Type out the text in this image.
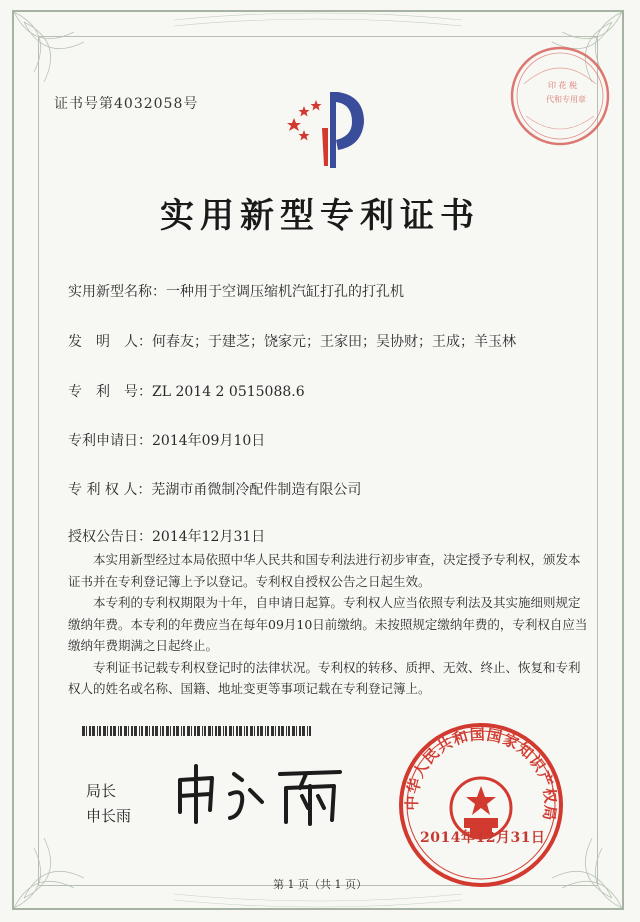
证书号第4032058号
印 花 税
代和专用章
实用新型专利证书
实用新型名称：一种用于空调压缩机汽缸打孔的打孔机
发　明　人：何春友；于建芝；饶家元；王家田；吴协财；王成；羊玉林
专　利　号：ZL 2014 2 0515088.6
专利申请日：2014年09月10日
专 利 权 人：芜湖市甬微制冷配件制造有限公司
授权公告日：2014年12月31日

　　本实用新型经过本局依照中华人民共和国专利法进行初步审查，决定授予专利权，颁发本证书并在专利登记簿上予以登记。专利权自授权公告之日起生效。

　　本专利的专利权期限为十年，自申请日起算。专利权人应当依照专利法及其实施细则规定缴纳年费。本专利的年费应当在每年09月10日前缴纳。未按照规定缴纳年费的，专利权自应当缴纳年费期满之日起终止。

　　专利证书记载专利权登记时的法律状况。专利权的转移、质押、无效、终止、恢复和专利权人的姓名或名称、国籍、地址变更等事项记载在专利登记簿上。

局长
申长雨
中华人民共和国国家知识产权局
2014年12月31日
第 1 页（共 1 页）
